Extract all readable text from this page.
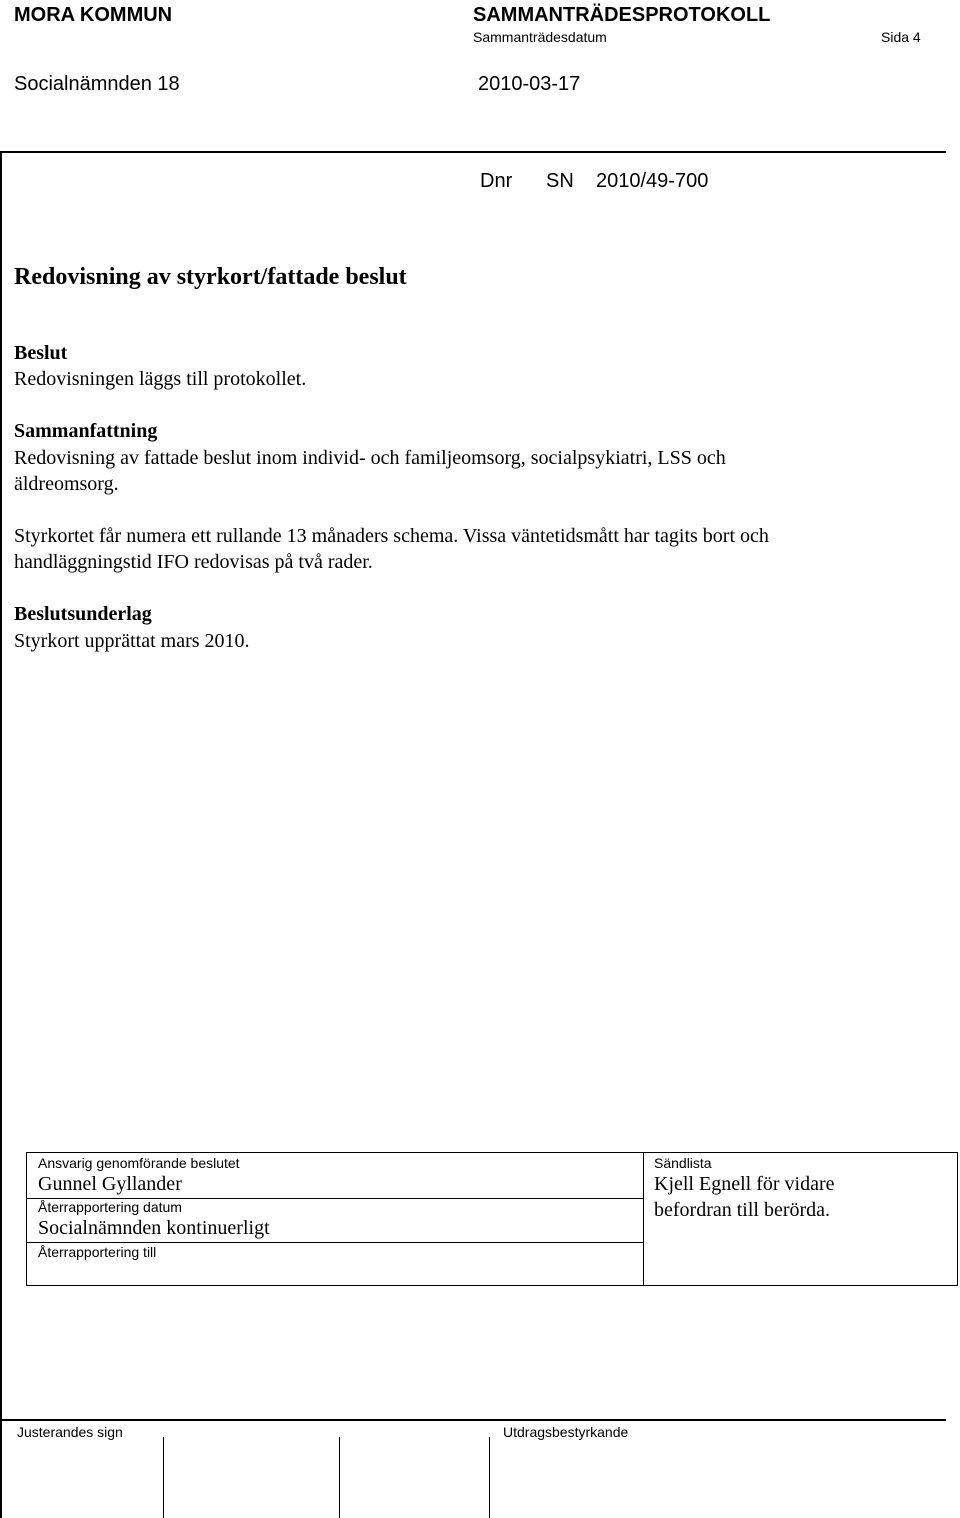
MORA KOMMUN	SAMMANTRÄDESPROTOKOLL
Sammanträdesdatum	Sida 4
Socialnämnden 18	2010-03-17
Dnr SN 2010/49-700
Redovisning av styrkort/fattade beslut
Beslut
Redovisningen läggs till protokollet.
Sammanfattning
Redovisning av fattade beslut inom individ- och familjeomsorg, socialpsykiatri, LSS och
äldreomsorg.
Styrkortet får numera ett rullande 13 månaders schema. Vissa väntetidsmått har tagits bort och
handläggningstid IFO redovisas på två rader.
Beslutsunderlag
Styrkort upprättat mars 2010.
Ansvarig genomförande beslutet
Gunnel Gyllander
Återrapportering datum
Socialnämnden kontinuerligt
Återrapportering till
Sändlista
Kjell Egnell för vidare
befordran till berörda.
Justerandes sign	Utdragsbestyrkande
